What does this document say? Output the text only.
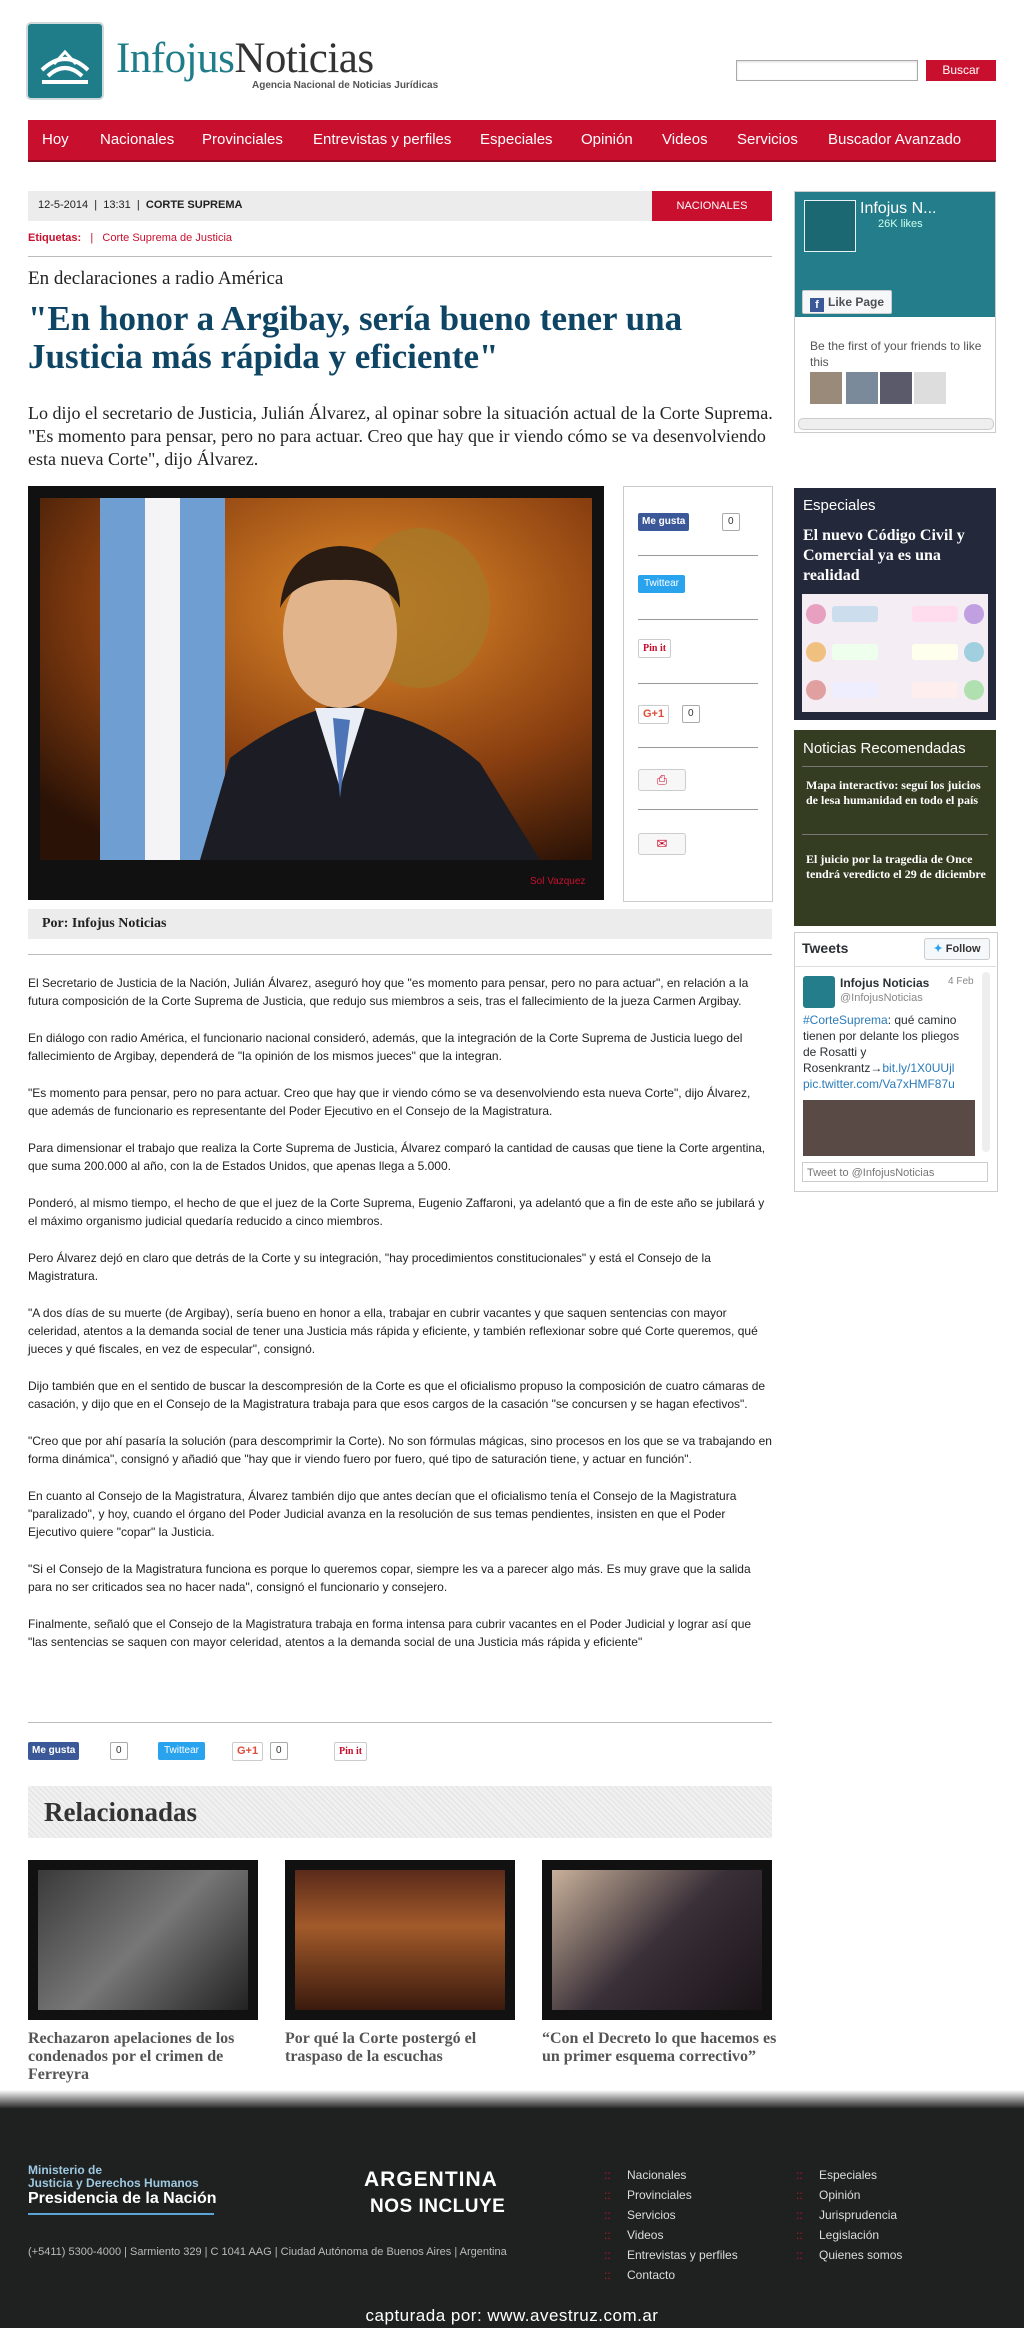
InfojusNoticias
Agencia Nacional de Noticias Jurídicas
Buscar
Hoy Nacionales Provinciales Entrevistas y perfiles Especiales Opinión Videos Servicios Buscador Avanzado
12-5-2014  |  13:31  |  CORTE SUPREMA	NACIONALES
Etiquetas: | Corte Suprema de Justicia
En declaraciones a radio América
"En honor a Argibay, sería bueno tener una Justicia más rápida y eficiente"
Lo dijo el secretario de Justicia, Julián Álvarez, al opinar sobre la situación actual de la Corte Suprema. "Es momento para pensar, pero no para actuar. Creo que hay que ir viendo cómo se va desenvolviendo esta nueva Corte", dijo Álvarez.
Sol Vazquez
Me gusta	0
Twittear
Pin it
G+1	0
⎙
✉
Por: Infojus Noticias

El Secretario de Justicia de la Nación, Julián Álvarez, aseguró hoy que "es momento para pensar, pero no para actuar", en relación a la futura composición de la Corte Suprema de Justicia, que redujo sus miembros a seis, tras el fallecimiento de la jueza Carmen Argibay.

En diálogo con radio América, el funcionario nacional consideró, además, que la integración de la Corte Suprema de Justicia luego del fallecimiento de Argibay, dependerá de "la opinión de los mismos jueces" que la integran.

"Es momento para pensar, pero no para actuar. Creo que hay que ir viendo cómo se va desenvolviendo esta nueva Corte", dijo Álvarez, que además de funcionario es representante del Poder Ejecutivo en el Consejo de la Magistratura.

Para dimensionar el trabajo que realiza la Corte Suprema de Justicia, Álvarez comparó la cantidad de causas que tiene la Corte argentina, que suma 200.000 al año, con la de Estados Unidos, que apenas llega a 5.000.

Ponderó, al mismo tiempo, el hecho de que el juez de la Corte Suprema, Eugenio Zaffaroni, ya adelantó que a fin de este año se jubilará y el máximo organismo judicial quedaría reducido a cinco miembros.

Pero Álvarez dejó en claro que detrás de la Corte y su integración, "hay procedimientos constitucionales" y está el Consejo de la Magistratura.

"A dos días de su muerte (de Argibay), sería bueno en honor a ella, trabajar en cubrir vacantes y que saquen sentencias con mayor celeridad, atentos a la demanda social de tener una Justicia más rápida y eficiente, y también reflexionar sobre qué Corte queremos, qué jueces y qué fiscales, en vez de especular", consignó.

Dijo también que en el sentido de buscar la descompresión de la Corte es que el oficialismo propuso la composición de cuatro cámaras de casación, y dijo que en el Consejo de la Magistratura trabaja para que esos cargos de la casación "se concursen y se hagan efectivos".

"Creo que por ahí pasaría la solución (para descomprimir la Corte). No son fórmulas mágicas, sino procesos en los que se va trabajando en forma dinámica", consignó y añadió que "hay que ir viendo fuero por fuero, qué tipo de saturación tiene, y actuar en función".

En cuanto al Consejo de la Magistratura, Álvarez también dijo que antes decían que el oficialismo tenía el Consejo de la Magistratura "paralizado", y hoy, cuando el órgano del Poder Judicial avanza en la resolución de sus temas pendientes, insisten en que el Poder Ejecutivo quiere "copar" la Justicia.

"Si el Consejo de la Magistratura funciona es porque lo queremos copar, siempre les va a parecer algo más. Es muy grave que la salida para no ser criticados sea no hacer nada", consignó el funcionario y consejero.

Finalmente, señaló que el Consejo de la Magistratura trabaja en forma intensa para cubrir vacantes en el Poder Judicial y lograr así que "las sentencias se saquen con mayor celeridad, atentos a la demanda social de una Justicia más rápida y eficiente"

Me gusta	0	Twittear	G+1	0	Pin it
Relacionadas
Rechazaron apelaciones de los condenados por el crimen de Ferreyra
Por qué la Corte postergó el traspaso de la escuchas
“Con el Decreto lo que hacemos es un primer esquema correctivo”
Infojus N...
26K likes
f Like Page
Be the first of your friends to like this
Especiales
El nuevo Código Civil y Comercial ya es una realidad
Noticias Recomendadas
Mapa interactivo: seguí los juicios de lesa humanidad en todo el país
El juicio por la tragedia de Once tendrá veredicto el 29 de diciembre
Tweets	✦ Follow
Infojus Noticias
@InfojusNoticias
4 Feb
#CorteSuprema: qué camino tienen por delante los pliegos de Rosatti y Rosenkrantz→bit.ly/1X0UUjl pic.twitter.com/Va7xHMF87u
Tweet to @InfojusNoticias
Ministerio de
Justicia y Derechos Humanos
Presidencia de la Nación
ARGENTINA
NOS INCLUYE
(+5411) 5300-4000 | Sarmiento 329 | C 1041 AAG | Ciudad Autónoma de Buenos Aires | Argentina
:: Nacionales
:: Provinciales
:: Servicios
:: Videos
:: Entrevistas y perfiles
:: Contacto
:: Especiales
:: Opinión
:: Jurisprudencia
:: Legislación
:: Quienes somos
capturada por: www.avestruz.com.ar
